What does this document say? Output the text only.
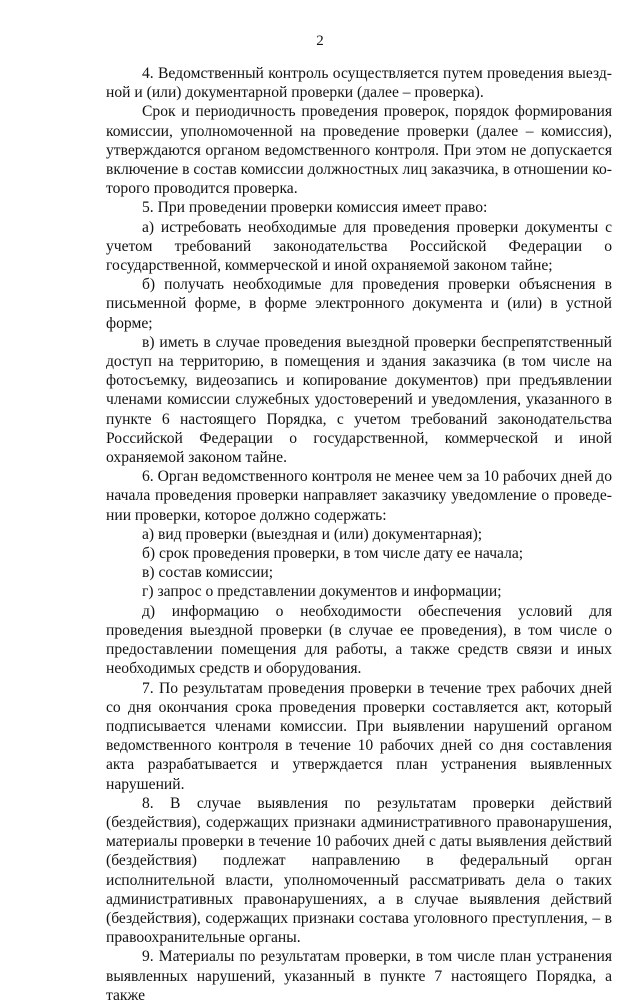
2

4. Ведомственный контроль осуществляется путем проведения выездной и (или) документарной проверки (далее – проверка).

Срок и периодичность проведения проверок, порядок формирования комиссии, уполномоченной на проведение проверки (далее – комиссия), утверждаются органом ведомственного контроля. При этом не допускается включение в состав комиссии должностных лиц заказчика, в отношении которого проводится проверка.

5. При проведении проверки комиссия имеет право:

а) истребовать необходимые для проведения проверки документы с учетом требований законодательства Российской Федерации о государственной, коммерческой и иной охраняемой законом тайне;

б) получать необходимые для проведения проверки объяснения в письменной форме, в форме электронного документа и (или) в устной форме;

в) иметь в случае проведения выездной проверки беспрепятственный доступ на территорию, в помещения и здания заказчика (в том числе на фотосъемку, видеозапись и копирование документов) при предъявлении членами комиссии служебных удостоверений и уведомления, указанного в пункте 6 настоящего Порядка, с учетом требований законодательства Российской Федерации о государственной, коммерческой и иной охраняемой законом тайне.

6. Орган ведомственного контроля не менее чем за 10 рабочих дней до начала проведения проверки направляет заказчику уведомление о проведении проверки, которое должно содержать:

а) вид проверки (выездная и (или) документарная);

б) срок проведения проверки, в том числе дату ее начала;

в) состав комиссии;

г) запрос о представлении документов и информации;

д) информацию о необходимости обеспечения условий для проведения выездной проверки (в случае ее проведения), в том числе о предоставлении помещения для работы, а также средств связи и иных необходимых средств и оборудования.

7. По результатам проведения проверки в течение трех рабочих дней со дня окончания срока проведения проверки составляется акт, который подписывается членами комиссии. При выявлении нарушений органом ведомственного контроля в течение 10 рабочих дней со дня составления акта разрабатывается и утверждается план устранения выявленных нарушений.

8. В случае выявления по результатам проверки действий (бездействия), содержащих признаки административного правонарушения, материалы проверки в течение 10 рабочих дней с даты выявления действий (бездействия) подлежат направлению в федеральный орган исполнительной власти, уполномоченный рассматривать дела о таких административных правонарушениях, а в случае выявления действий (бездействия), содержащих признаки состава уголовного преступления, – в правоохранительные органы.

9. Материалы по результатам проверки, в том числе план устранения выявленных нарушений, указанный в пункте 7 настоящего Порядка, а также
